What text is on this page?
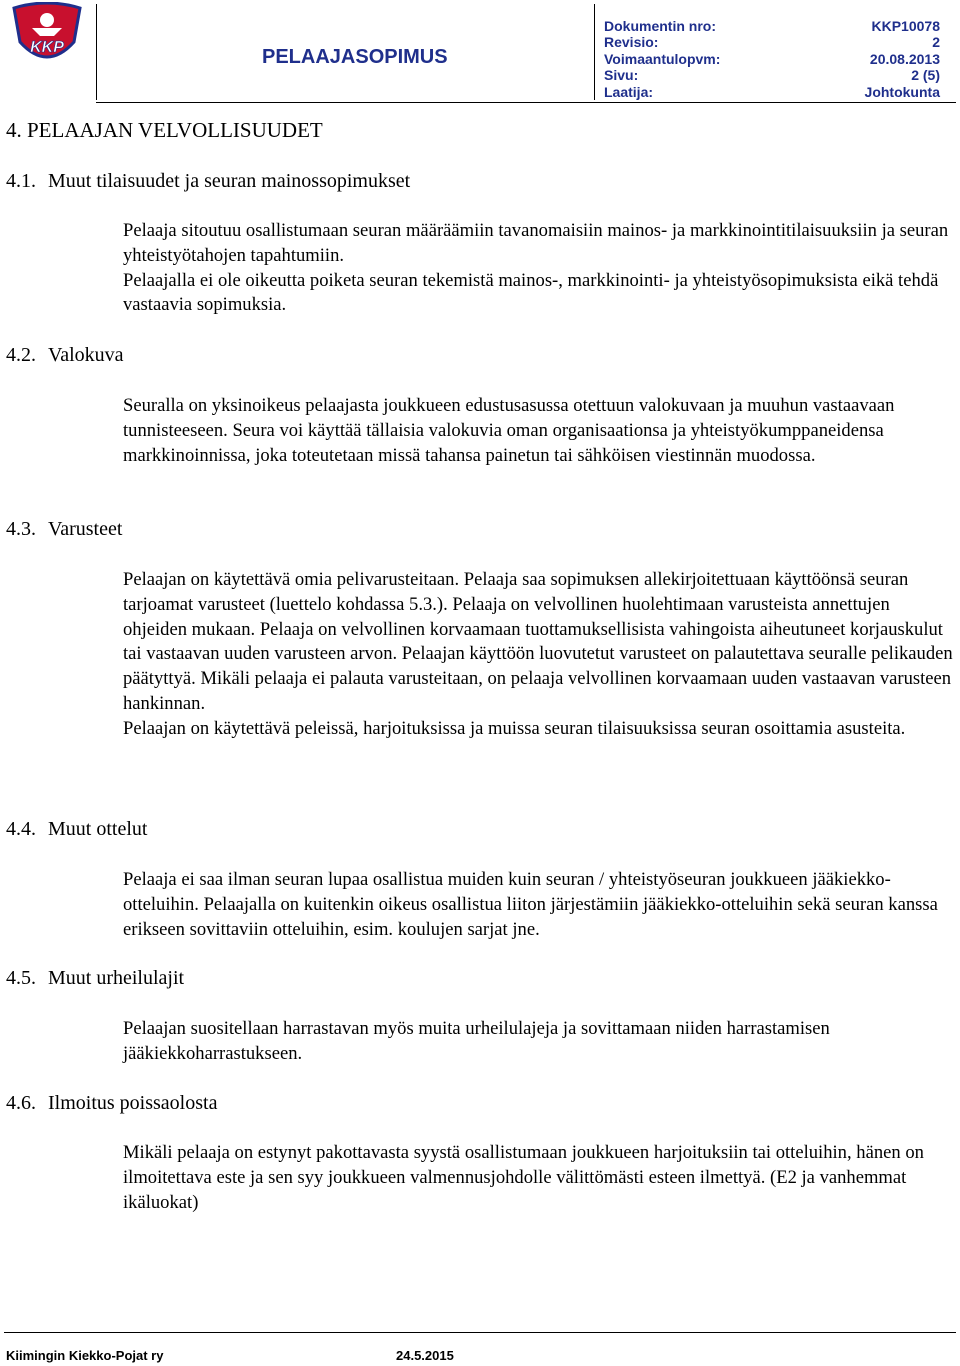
KKP	PELAAJASOPIMUS
Dokumentin nro:	KKP10078
Revisio:	2
Voimaantulopvm:	20.08.2013
Sivu:	2 (5)
Laatija:	Johtokunta
4. PELAAJAN VELVOLLISUUDET
4.1. Muut tilaisuudet ja seuran mainossopimukset

Pelaaja sitoutuu osallistumaan seuran määräämiin tavanomaisiin mainos- ja markkinointitilaisuuksiin ja seuran yhteistyötahojen tapahtumiin.

Pelaajalla ei ole oikeutta poiketa seuran tekemistä mainos-, markkinointi- ja yhteistyösopimuksista eikä tehdä vastaavia sopimuksia.

4.2. Valokuva

Seuralla on yksinoikeus pelaajasta joukkueen edustusasussa otettuun valokuvaan ja muuhun vastaavaan tunnisteeseen. Seura voi käyttää tällaisia valokuvia oman organisaationsa ja yhteistyökumppaneidensa markkinoinnissa, joka toteutetaan missä tahansa painetun tai sähköisen viestinnän muodossa.

4.3. Varusteet

Pelaajan on käytettävä omia pelivarusteitaan. Pelaaja saa sopimuksen allekirjoitettuaan käyttöönsä seuran tarjoamat varusteet (luettelo kohdassa 5.3.). Pelaaja on velvollinen huolehtimaan varusteista annettujen ohjeiden mukaan. Pelaaja on velvollinen korvaamaan tuottamuksellisista vahingoista aiheutuneet korjauskulut tai vastaavan uuden varusteen arvon. Pelaajan käyttöön luovutetut varusteet on palautettava seuralle pelikauden päätyttyä. Mikäli pelaaja ei palauta varusteitaan, on pelaaja velvollinen korvaamaan uuden vastaavan varusteen hankinnan.

Pelaajan on käytettävä peleissä, harjoituksissa ja muissa seuran tilaisuuksissa seuran osoittamia asusteita.

4.4. Muut ottelut

Pelaaja ei saa ilman seuran lupaa osallistua muiden kuin seuran / yhteistyöseuran joukkueen jääkiekko-otteluihin. Pelaajalla on kuitenkin oikeus osallistua liiton järjestämiin jääkiekko-otteluihin sekä seuran kanssa erikseen sovittaviin otteluihin, esim. koulujen sarjat jne.

4.5. Muut urheilulajit

Pelaajan suositellaan harrastavan myös muita urheilulajeja ja sovittamaan niiden harrastamisen jääkiekkoharrastukseen.

4.6. Ilmoitus poissaolosta

Mikäli pelaaja on estynyt pakottavasta syystä osallistumaan joukkueen harjoituksiin tai otteluihin, hänen on ilmoitettava este ja sen syy joukkueen valmennusjohdolle välittömästi esteen ilmettyä. (E2 ja vanhemmat ikäluokat)

Kiimingin Kiekko-Pojat ry	24.5.2015
